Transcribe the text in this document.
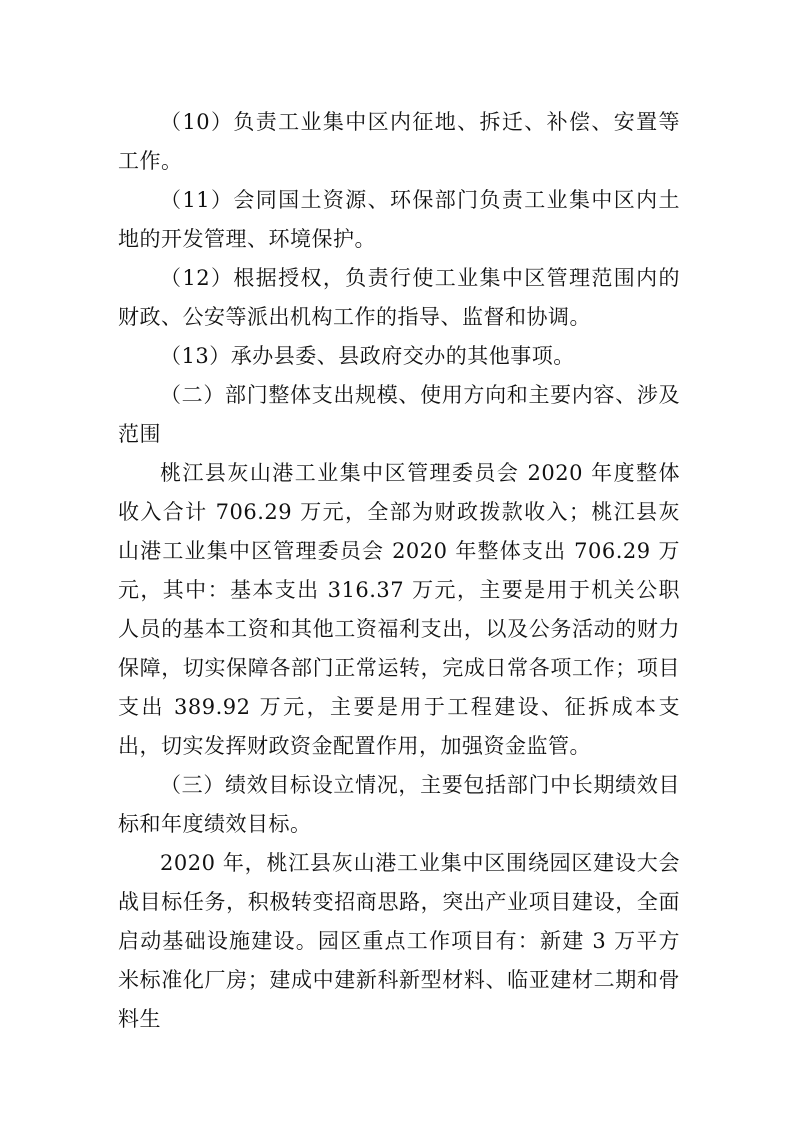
（10）负责工业集中区内征地、拆迁、补偿、安置等工作。

（11）会同国土资源、环保部门负责工业集中区内土地的开发管理、环境保护。

（12）根据授权，负责行使工业集中区管理范围内的财政、公安等派出机构工作的指导、监督和协调。

（13）承办县委、县政府交办的其他事项。

（二）部门整体支出规模、使用方向和主要内容、涉及范围

桃江县灰山港工业集中区管理委员会 2020 年度整体收入合计 706.29 万元，全部为财政拨款收入；桃江县灰山港工业集中区管理委员会 2020 年整体支出 706.29 万元，其中：基本支出 316.37 万元，主要是用于机关公职人员的基本工资和其他工资福利支出，以及公务活动的财力保障，切实保障各部门正常运转，完成日常各项工作；项目支出 389.92 万元，主要是用于工程建设、征拆成本支出，切实发挥财政资金配置作用，加强资金监管。

（三）绩效目标设立情况，主要包括部门中长期绩效目标和年度绩效目标。

2020 年，桃江县灰山港工业集中区围绕园区建设大会战目标任务，积极转变招商思路，突出产业项目建设，全面启动基础设施建设。园区重点工作项目有：新建 3 万平方米标准化厂房；建成中建新科新型材料、临亚建材二期和骨料生
